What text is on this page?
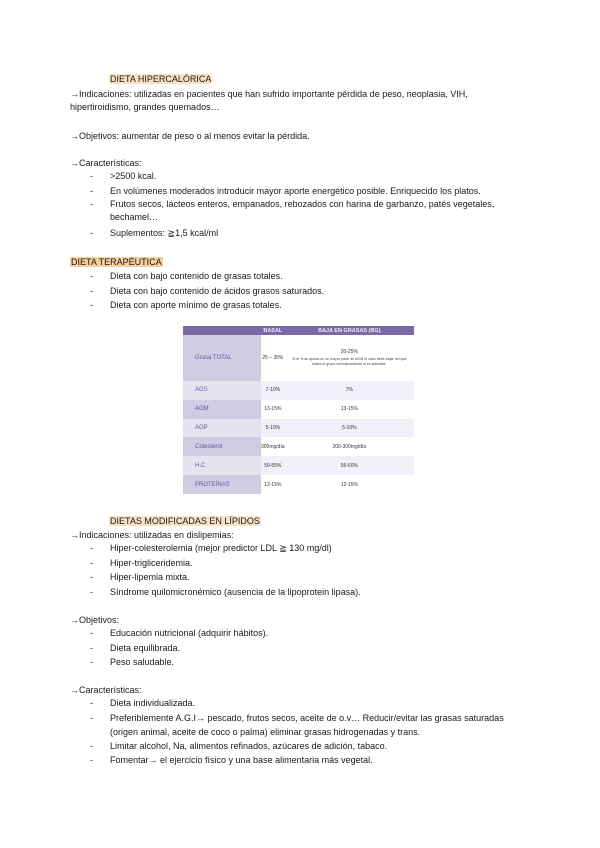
DIETA HIPERCALÓRICA
→Indicaciones: utilizadas en pacientes que han sufrido importante pérdida de peso, neoplasia, VIH,
hipertiroidismo, grandes quemados…
→Objetivos: aumentar de peso o al menos evitar la pérdida.
→Características:
- >2500 kcal.
- En volúmenes moderados introducir mayor aporte energético posible. Enriquecido los platos.
- Frutos secos, lácteos enteros, empanados, rebozados con harina de garbanzo, patés vegetales, bechamel…
- Suplementos: ≧1,5 kcal/ml
DIETA TERAPÉUTICA
- Dieta con bajo contenido de grasas totales.
- Dieta con bajo contenido de ácidos grasos saturados.
- Dieta con aporte mínimo de grasas totales.
	BASAL	BAJA EN GRASAS (BG)
Grasa TOTAL	25 – 30%	20-25%
Si el % se aporta en su mayor parte de AGM el valor debe bajar del que indica el grupo correspondiente si es aplicable.

AGS	7-10%	7%
AGM	13-15%	13-15%
AGP	5-10%	5-10%
Colesterol	300mg/día	200-300mg/día
H.C	50-55%	55-60%
PROTEÍNAS	12-15%	12-15%
DIETAS MODIFICADAS EN LÍPIDOS
→Indicaciones: utilizadas en dislipemias:
- Hiper-colesterolemia (mejor predictor LDL ≧ 130 mg/dl)
- Hiper-trigliceridemia.
- Hiper-lipemia mixta.
- Síndrome quilomicronémico (ausencia de la lipoprotein lipasa).
→Objetivos:
- Educación nutricional (adquirir hábitos).
- Dieta equilibrada.
- Peso saludable.
→Características:
- Dieta individualizada.
- Preferiblemente A.G.I→ pescado, frutos secos, aceite de o.v… Reducir/evitar las grasas saturadas (origen animal, aceite de coco o palma) eliminar grasas hidrogenadas y trans.
- Limitar alcohol, Na, alimentos refinados, azúcares de adición, tabaco.
- Fomentar→ el ejercicio físico y una base alimentaria más vegetal.
